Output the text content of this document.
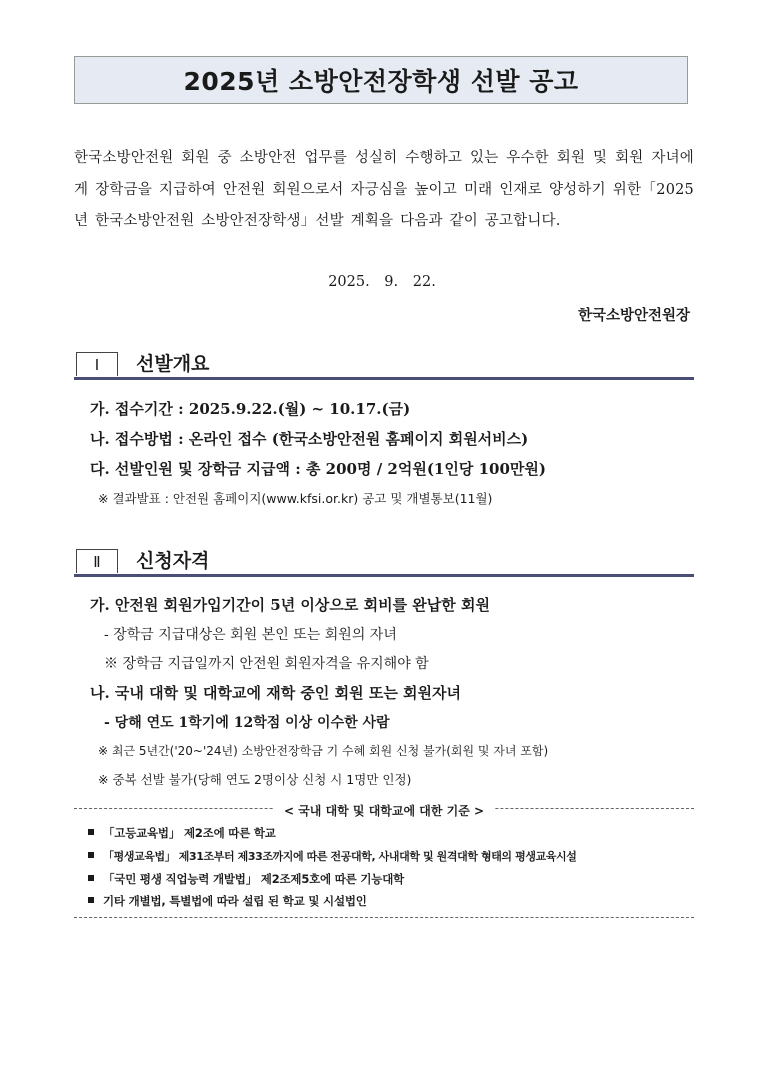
2025년 소방안전장학생 선발 공고

한국소방안전원 회원 중 소방안전 업무를 성실히 수행하고 있는 우수한 회원 및 회원 자녀에게 장학금을 지급하여 안전원 회원으로서 자긍심을 높이고 미래 인재로 양성하기 위한「2025년 한국소방안전원 소방안전장학생」선발 계획을 다음과 같이 공고합니다.

2025. 9. 22.
한국소방안전원장
Ⅰ	선발개요

가. 접수기간 : 2025.9.22.(월) ~ 10.17.(금)

나. 접수방법 : 온라인 접수 (한국소방안전원 홈페이지 회원서비스)

다. 선발인원 및 장학금 지급액 : 총 200명 / 2억원(1인당 100만원)

※ 결과발표 : 안전원 홈페이지(www.kfsi.or.kr) 공고 및 개별통보(11월)

Ⅱ	신청자격

가. 안전원 회원가입기간이 5년 이상으로 회비를 완납한 회원

- 장학금 지급대상은 회원 본인 또는 회원의 자녀

※ 장학금 지급일까지 안전원 회원자격을 유지해야 함

나. 국내 대학 및 대학교에 재학 중인 회원 또는 회원자녀

- 당해 연도 1학기에 12학점 이상 이수한 사람

※ 최근 5년간('20~'24년) 소방안전장학금 기 수혜 회원 신청 불가(회원 및 자녀 포함)

※ 중복 선발 불가(당해 연도 2명이상 신청 시 1명만 인정)

< 국내 대학 및 대학교에 대한 기준 >

「고등교육법」 제2조에 따른 학교

「평생교육법」 제31조부터 제33조까지에 따른 전공대학, 사내대학 및 원격대학 형태의 평생교육시설

「국민 평생 직업능력 개발법」 제2조제5호에 따른 기능대학

기타 개별법, 특별법에 따라 설립 된 학교 및 시설법인
